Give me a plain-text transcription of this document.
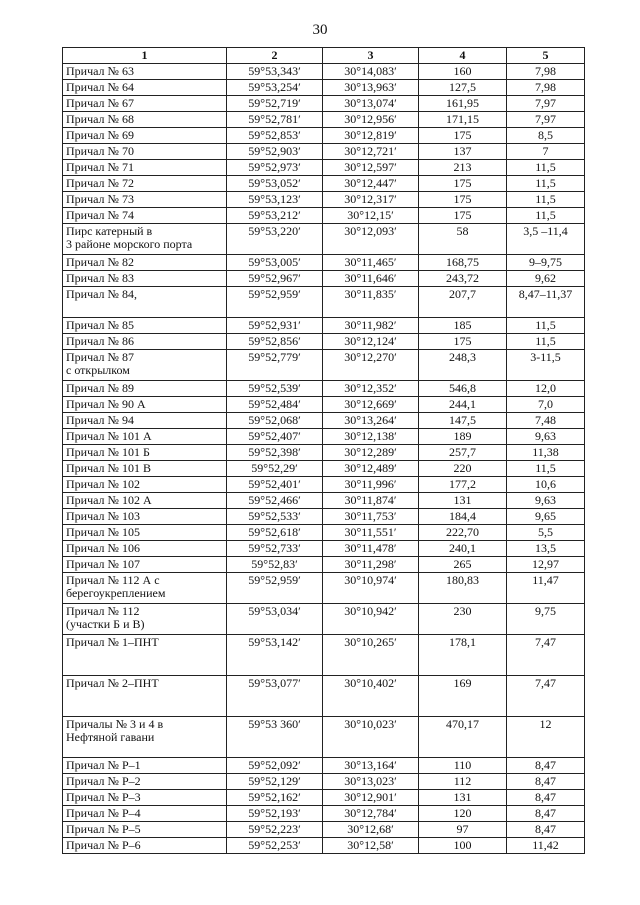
30
1	2	3	4	5
Причал № 63	59°53,343′	30°14,083′	160	7,98
Причал № 64	59°53,254′	30°13,963′	127,5	7,98
Причал № 67	59°52,719′	30°13,074′	161,95	7,97
Причал № 68	59°52,781′	30°12,956′	171,15	7,97
Причал № 69	59°52,853′	30°12,819′	175	8,5
Причал № 70	59°52,903′	30°12,721′	137	7
Причал № 71	59°52,973′	30°12,597′	213	11,5
Причал № 72	59°53,052′	30°12,447′	175	11,5
Причал № 73	59°53,123′	30°12,317′	175	11,5
Причал № 74	59°53,212′	30°12,15′	175	11,5
Пирс катерный в
3 районе морского порта	59°53,220′	30°12,093′	58	3,5 –11,4
Причал № 82	59°53,005′	30°11,465′	168,75	9–9,75
Причал № 83	59°52,967′	30°11,646′	243,72	9,62
Причал № 84,	59°52,959′	30°11,835′	207,7	8,47–11,37
Причал № 85	59°52,931′	30°11,982′	185	11,5
Причал № 86	59°52,856′	30°12,124′	175	11,5
Причал № 87
с открылком	59°52,779′	30°12,270′	248,3	3-11,5
Причал № 89	59°52,539′	30°12,352′	546,8	12,0
Причал № 90 А	59°52,484′	30°12,669′	244,1	7,0
Причал № 94	59°52,068′	30°13,264′	147,5	7,48
Причал № 101 А	59°52,407′	30°12,138′	189	9,63
Причал № 101 Б	59°52,398′	30°12,289′	257,7	11,38
Причал № 101 В	59°52,29′	30°12,489′	220	11,5
Причал № 102	59°52,401′	30°11,996′	177,2	10,6
Причал № 102 А	59°52,466′	30°11,874′	131	9,63
Причал № 103	59°52,533′	30°11,753′	184,4	9,65
Причал № 105	59°52,618′	30°11,551′	222,70	5,5
Причал № 106	59°52,733′	30°11,478′	240,1	13,5
Причал № 107	59°52,83′	30°11,298′	265	12,97
Причал № 112 А с
берегоукреплением	59°52,959′	30°10,974′	180,83	11,47
Причал № 112
(участки Б и В)	59°53,034′	30°10,942′	230	9,75
Причал № 1–ПНТ	59°53,142′	30°10,265′	178,1	7,47
Причал № 2–ПНТ	59°53,077′	30°10,402′	169	7,47
Причалы № 3 и 4 в
Нефтяной гавани	59°53 360′	30°10,023′	470,17	12
Причал № Р–1	59°52,092′	30°13,164′	110	8,47
Причал № Р–2	59°52,129′	30°13,023′	112	8,47
Причал № Р–3	59°52,162′	30°12,901′	131	8,47
Причал № Р–4	59°52,193′	30°12,784′	120	8,47
Причал № Р–5	59°52,223′	30°12,68′	97	8,47
Причал № Р–6	59°52,253′	30°12,58′	100	11,42
